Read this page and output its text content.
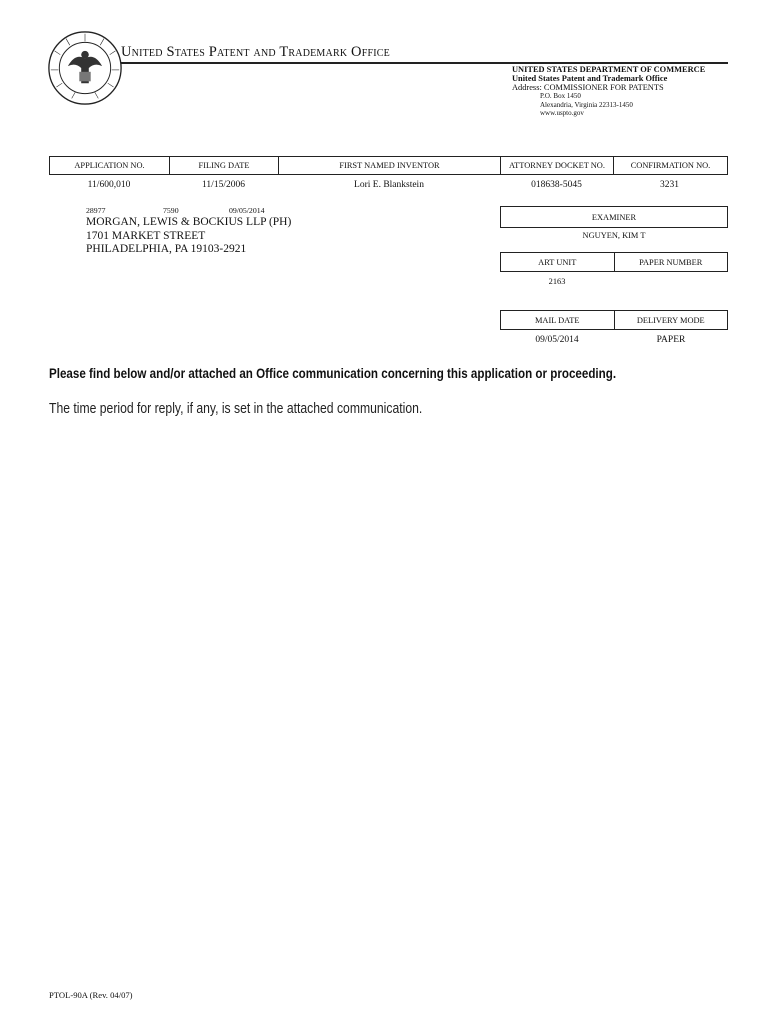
United States Patent and Trademark Office
UNITED STATES DEPARTMENT OF COMMERCE
United States Patent and Trademark Office
Address: COMMISSIONER FOR PATENTS
P.O. Box 1450
Alexandria, Virginia 22313-1450
www.uspto.gov
APPLICATION NO.	FILING DATE	FIRST NAMED INVENTOR	ATTORNEY DOCKET NO.	CONFIRMATION NO.
11/600,010	11/15/2006	Lori E. Blankstein	018638-5045	3231
28977	7590	09/05/2014
MORGAN, LEWIS & BOCKIUS LLP (PH)
1701 MARKET STREET
PHILADELPHIA, PA 19103-2921
EXAMINER
NGUYEN, KIM T
ART UNIT	PAPER NUMBER
2163
MAIL DATE	DELIVERY MODE
09/05/2014	PAPER
Please find below and/or attached an Office communication concerning this application or proceeding.
The time period for reply, if any, is set in the attached communication.
PTOL-90A (Rev. 04/07)
